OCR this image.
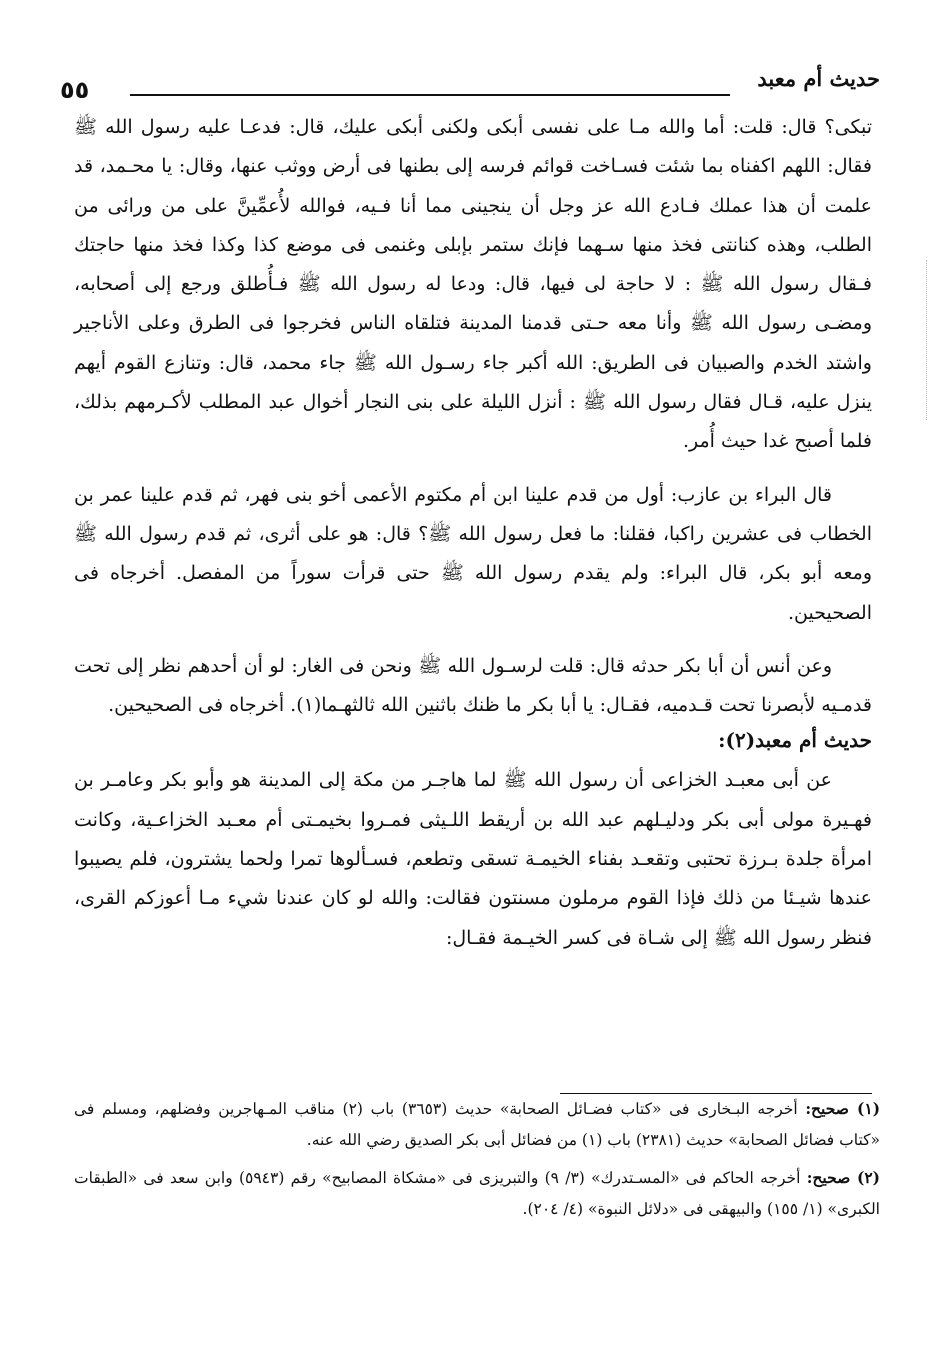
٥٥	حديث أم معبد

تبكى؟ قال: قلت: أما والله مـا على نفسى أبكى ولكنى أبكى عليك، قال: فدعـا عليه رسول الله ﷺ فقال: اللهم اكفناه بما شئت فسـاخت قوائم فرسه إلى بطنها فى أرض ووثب عنها، وقال: يا محـمد، قد علمت أن هذا عملك فـادع الله عز وجل أن ينجينى مما أنا فـيه، فوالله لأُعمِّينَّ على من ورائى من الطلب، وهذه كنانتى فخذ منها سـهما فإنك ستمر بإبلى وغنمى فى موضع كذا وكذا فخذ منها حاجتك فـقال رسول الله ﷺ : لا حاجة لى فيها، قال: ودعا له رسول الله ﷺ فـأُطلق ورجع إلى أصحابه، ومضـى رسول الله ﷺ وأنا معه حـتى قدمنا المدينة فتلقاه الناس فخرجوا فى الطرق وعلى الأناجير واشتد الخدم والصبيان فى الطريق: الله أكبر جاء رسـول الله ﷺ جاء محمد، قال: وتنازع القوم أيهم ينزل عليه، قـال فقال رسول الله ﷺ : أنزل الليلة على بنى النجار أخوال عبد المطلب لأكـرمهم بذلك، فلما أصبح غدا حيث أُمر.

قال البراء بن عازب: أول من قدم علينا ابن أم مكتوم الأعمى أخو بنى فهر، ثم قدم علينا عمر بن الخطاب فى عشرين راكبا، فقلنا: ما فعل رسول الله ﷺ؟ قال: هو على أثرى، ثم قدم رسول الله ﷺ ومعه أبو بكر، قال البراء: ولم يقدم رسول الله ﷺ حتى قرأت سوراً من المفصل. أخرجاه فى الصحيحين.

وعن أنس أن أبا بكر حدثه قال: قلت لرسـول الله ﷺ ونحن فى الغار: لو أن أحدهم نظر إلى تحت قدمـيه لأبصرنا تحت قـدميه، فقـال: يا أبا بكر ما ظنك باثنين الله ثالثهـما(١). أخرجاه فى الصحيحين.

حديث أم معبد(٢):

عن أبى معبـد الخزاعى أن رسول الله ﷺ لما هاجـر من مكة إلى المدينة هو وأبو بكر وعامـر بن فهـيرة مولى أبى بكر ودليـلهم عبد الله بن أريقط اللـيثى فمـروا بخيمـتى أم معـبد الخزاعـية، وكانت امرأة جلدة بـرزة تحتبى وتقعـد بفناء الخيمـة تسقى وتطعم، فسـألوها تمرا ولحما يشترون، فلم يصيبوا عندها شيـئا من ذلك فإذا القوم مرملون مسنتون فقالت: والله لو كان عندنا شيء مـا أعوزكم القرى، فنظر رسول الله ﷺ إلى شـاة فى كسر الخيـمة فقـال:

(١) صحيح: أخرجه البـخارى فى «كتاب فضـائل الصحابة» حديث (٣٦٥٣) باب (٢) مناقب المـهاجرين وفضلهم، ومسلم فى «كتاب فضائل الصحابة» حديث (٢٣٨١) باب (١) من فضائل أبى بكر الصديق رضي الله عنه.

(٢) صحيح: أخرجه الحاكم فى «المسـتدرك» (٣/ ٩) والتبريزى فى «مشكاة المصابيح» رقم (٥٩٤٣) وابن سعد فى «الطبقات الكبرى» (١/ ١٥٥) والبيهقى فى «دلائل النبوة» (٤/ ٢٠٤).
